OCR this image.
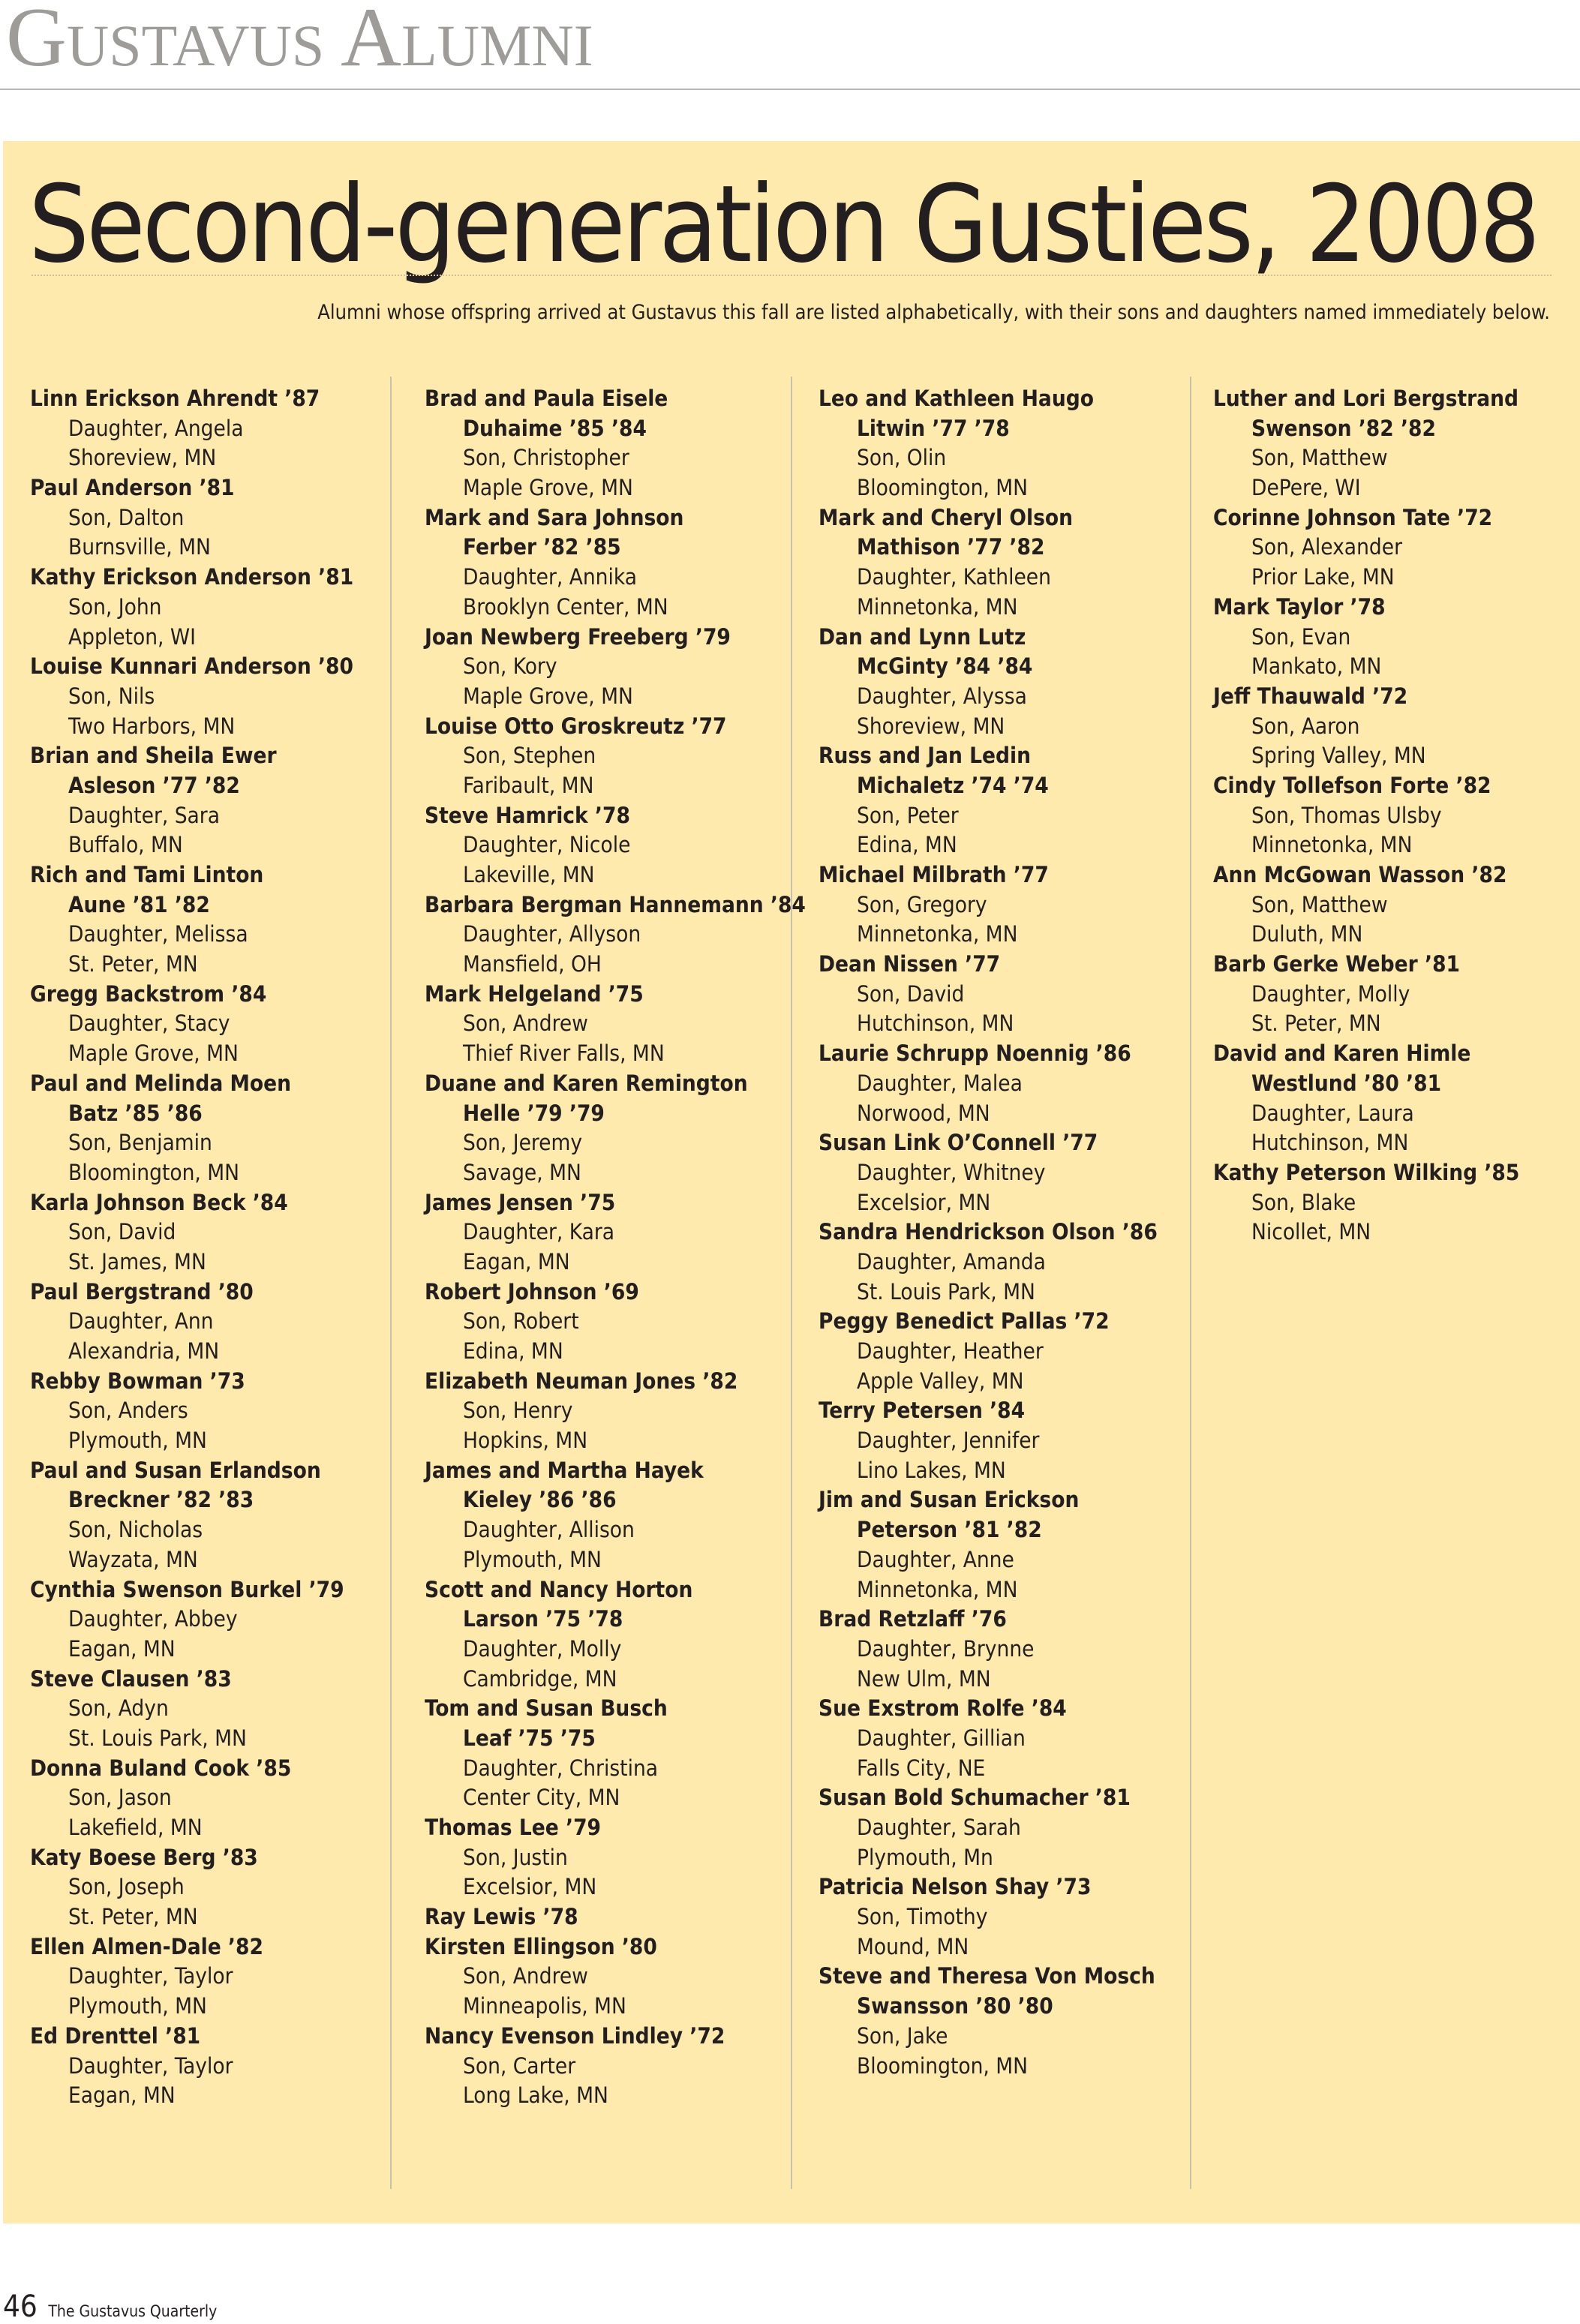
Gustavus Alumni
Second-generation Gusties, 2008
Alumni whose offspring arrived at Gustavus this fall are listed alphabetically, with their sons and daughters named immediately below.
Linn Erickson Ahrendt ’87
Daughter, Angela
Shoreview, MN
Paul Anderson ’81
Son, Dalton
Burnsville, MN
Kathy Erickson Anderson ’81
Son, John
Appleton, WI
Louise Kunnari Anderson ’80
Son, Nils
Two Harbors, MN
Brian and Sheila Ewer
Asleson ’77 ’82
Daughter, Sara
Buffalo, MN
Rich and Tami Linton
Aune ’81 ’82
Daughter, Melissa
St. Peter, MN
Gregg Backstrom ’84
Daughter, Stacy
Maple Grove, MN
Paul and Melinda Moen
Batz ’85 ’86
Son, Benjamin
Bloomington, MN
Karla Johnson Beck ’84
Son, David
St. James, MN
Paul Bergstrand ’80
Daughter, Ann
Alexandria, MN
Rebby Bowman ’73
Son, Anders
Plymouth, MN
Paul and Susan Erlandson
Breckner ’82 ’83
Son, Nicholas
Wayzata, MN
Cynthia Swenson Burkel ’79
Daughter, Abbey
Eagan, MN
Steve Clausen ’83
Son, Adyn
St. Louis Park, MN
Donna Buland Cook ’85
Son, Jason
Lakefield, MN
Katy Boese Berg ’83
Son, Joseph
St. Peter, MN
Ellen Almen-Dale ’82
Daughter, Taylor
Plymouth, MN
Ed Drenttel ’81
Daughter, Taylor
Eagan, MN
Brad and Paula Eisele
Duhaime ’85 ’84
Son, Christopher
Maple Grove, MN
Mark and Sara Johnson
Ferber ’82 ’85
Daughter, Annika
Brooklyn Center, MN
Joan Newberg Freeberg ’79
Son, Kory
Maple Grove, MN
Louise Otto Groskreutz ’77
Son, Stephen
Faribault, MN
Steve Hamrick ’78
Daughter, Nicole
Lakeville, MN
Barbara Bergman Hannemann ’84
Daughter, Allyson
Mansfield, OH
Mark Helgeland ’75
Son, Andrew
Thief River Falls, MN
Duane and Karen Remington
Helle ’79 ’79
Son, Jeremy
Savage, MN
James Jensen ’75
Daughter, Kara
Eagan, MN
Robert Johnson ’69
Son, Robert
Edina, MN
Elizabeth Neuman Jones ’82
Son, Henry
Hopkins, MN
James and Martha Hayek
Kieley ’86 ’86
Daughter, Allison
Plymouth, MN
Scott and Nancy Horton
Larson ’75 ’78
Daughter, Molly
Cambridge, MN
Tom and Susan Busch
Leaf ’75 ’75
Daughter, Christina
Center City, MN
Thomas Lee ’79
Son, Justin
Excelsior, MN
Ray Lewis ’78
Kirsten Ellingson ’80
Son, Andrew
Minneapolis, MN
Nancy Evenson Lindley ’72
Son, Carter
Long Lake, MN
Leo and Kathleen Haugo
Litwin ’77 ’78
Son, Olin
Bloomington, MN
Mark and Cheryl Olson
Mathison ’77 ’82
Daughter, Kathleen
Minnetonka, MN
Dan and Lynn Lutz
McGinty ’84 ’84
Daughter, Alyssa
Shoreview, MN
Russ and Jan Ledin
Michaletz ’74 ’74
Son, Peter
Edina, MN
Michael Milbrath ’77
Son, Gregory
Minnetonka, MN
Dean Nissen ’77
Son, David
Hutchinson, MN
Laurie Schrupp Noennig ’86
Daughter, Malea
Norwood, MN
Susan Link O’Connell ’77
Daughter, Whitney
Excelsior, MN
Sandra Hendrickson Olson ’86
Daughter, Amanda
St. Louis Park, MN
Peggy Benedict Pallas ’72
Daughter, Heather
Apple Valley, MN
Terry Petersen ’84
Daughter, Jennifer
Lino Lakes, MN
Jim and Susan Erickson
Peterson ’81 ’82
Daughter, Anne
Minnetonka, MN
Brad Retzlaff ’76
Daughter, Brynne
New Ulm, MN
Sue Exstrom Rolfe ’84
Daughter, Gillian
Falls City, NE
Susan Bold Schumacher ’81
Daughter, Sarah
Plymouth, Mn
Patricia Nelson Shay ’73
Son, Timothy
Mound, MN
Steve and Theresa Von Mosch
Swansson ’80 ’80
Son, Jake
Bloomington, MN
Luther and Lori Bergstrand
Swenson ’82 ’82
Son, Matthew
DePere, WI
Corinne Johnson Tate ’72
Son, Alexander
Prior Lake, MN
Mark Taylor ’78
Son, Evan
Mankato, MN
Jeff Thauwald ’72
Son, Aaron
Spring Valley, MN
Cindy Tollefson Forte ’82
Son, Thomas Ulsby
Minnetonka, MN
Ann McGowan Wasson ’82
Son, Matthew
Duluth, MN
Barb Gerke Weber ’81
Daughter, Molly
St. Peter, MN
David and Karen Himle
Westlund ’80 ’81
Daughter, Laura
Hutchinson, MN
Kathy Peterson Wilking ’85
Son, Blake
Nicollet, MN
46 The Gustavus Quarterly
